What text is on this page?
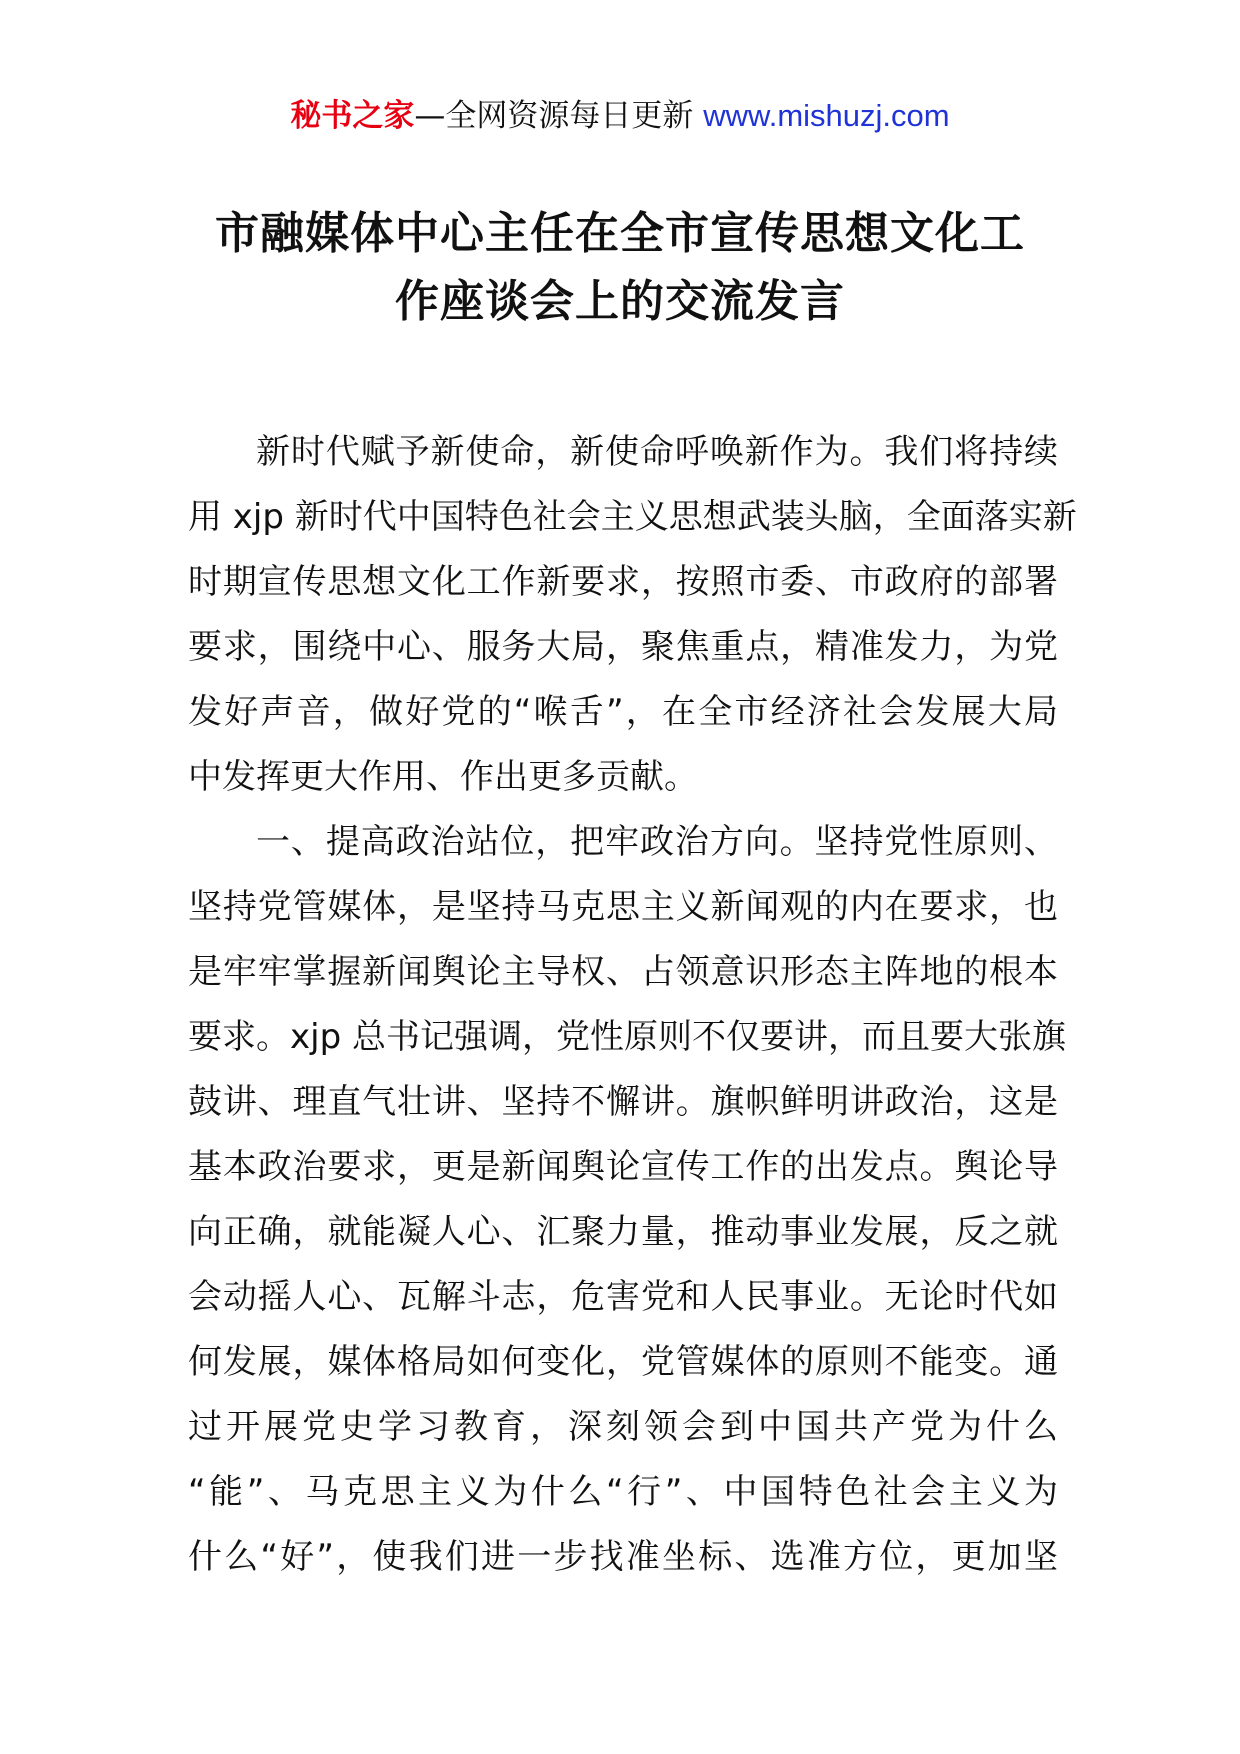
秘书之家—全网资源每日更新 www.mishuzj.com
市融媒体中心主任在全市宣传思想文化工
作座谈会上的交流发言
新时代赋予新使命，新使命呼唤新作为。我们将持续
用 xjp 新时代中国特色社会主义思想武装头脑，全面落实新
时期宣传思想文化工作新要求，按照市委、市政府的部署
要求，围绕中心、服务大局，聚焦重点，精准发力，为党
发好声音，做好党的“喉舌”，在全市经济社会发展大局
中发挥更大作用、作出更多贡献。
一、提高政治站位，把牢政治方向。坚持党性原则、
坚持党管媒体，是坚持马克思主义新闻观的内在要求，也
是牢牢掌握新闻舆论主导权、占领意识形态主阵地的根本
要求。xjp 总书记强调，党性原则不仅要讲，而且要大张旗
鼓讲、理直气壮讲、坚持不懈讲。旗帜鲜明讲政治，这是
基本政治要求，更是新闻舆论宣传工作的出发点。舆论导
向正确，就能凝人心、汇聚力量，推动事业发展，反之就
会动摇人心、瓦解斗志，危害党和人民事业。无论时代如
何发展，媒体格局如何变化，党管媒体的原则不能变。通
过开展党史学习教育，深刻领会到中国共产党为什么
“能”、马克思主义为什么“行”、中国特色社会主义为
什么“好”，使我们进一步找准坐标、选准方位，更加坚
